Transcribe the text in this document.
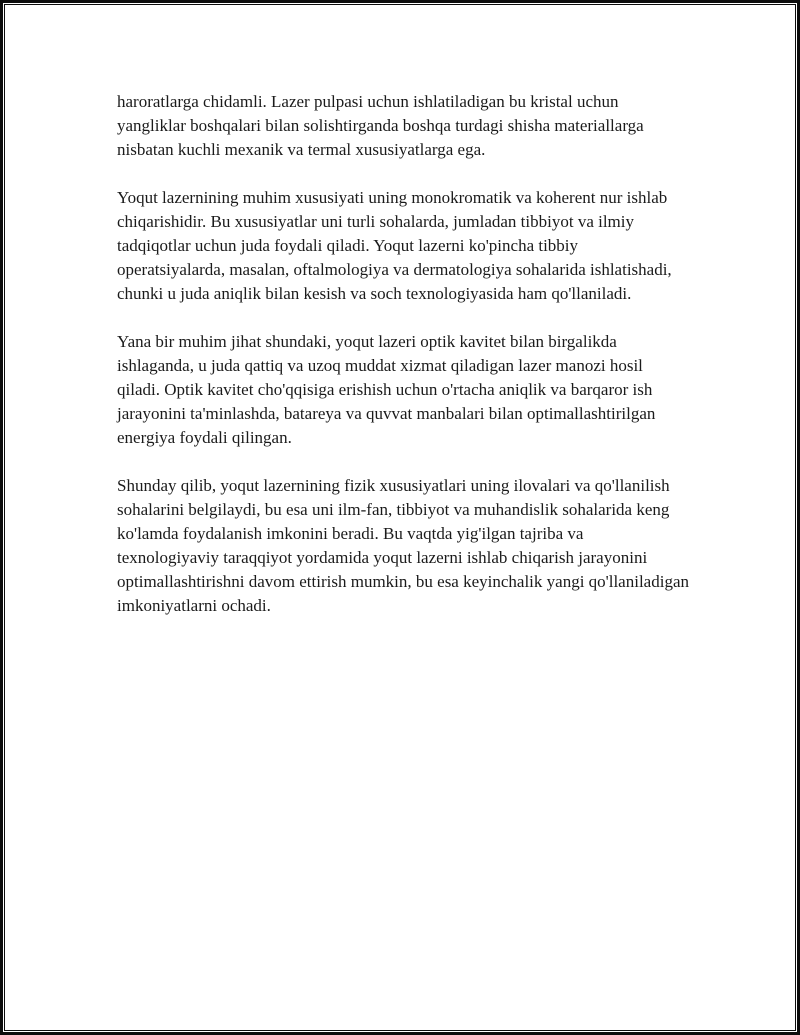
haroratlarga chidamli. Lazer pulpasi uchun ishlatiladigan bu kristal uchun yangliklar boshqalari bilan solishtirganda boshqa turdagi shisha materiallarga nisbatan kuchli mexanik va termal xususiyatlarga ega.

Yoqut lazernining muhim xususiyati uning monokromatik va koherent nur ishlab chiqarishidir. Bu xususiyatlar uni turli sohalarda, jumladan tibbiyot va ilmiy tadqiqotlar uchun juda foydali qiladi. Yoqut lazerni ko'pincha tibbiy operatsiyalarda, masalan, oftalmologiya va dermatologiya sohalarida ishlatishadi, chunki u juda aniqlik bilan kesish va soch texnologiyasida ham qo'llaniladi.

Yana bir muhim jihat shundaki, yoqut lazeri optik kavitet bilan birgalikda ishlaganda, u juda qattiq va uzoq muddat xizmat qiladigan lazer manozi hosil qiladi. Optik kavitet cho'qqisiga erishish uchun o'rtacha aniqlik va barqaror ish jarayonini ta'minlashda, batareya va quvvat manbalari bilan optimallashtirilgan energiya foydali qilingan.

Shunday qilib, yoqut lazernining fizik xususiyatlari uning ilovalari va qo'llanilish sohalarini belgilaydi, bu esa uni ilm-fan, tibbiyot va muhandislik sohalarida keng ko'lamda foydalanish imkonini beradi. Bu vaqtda yig'ilgan tajriba va texnologiyaviy taraqqiyot yordamida yoqut lazerni ishlab chiqarish jarayonini optimallashtirishni davom ettirish mumkin, bu esa keyinchalik yangi qo'llaniladigan imkoniyatlarni ochadi.
